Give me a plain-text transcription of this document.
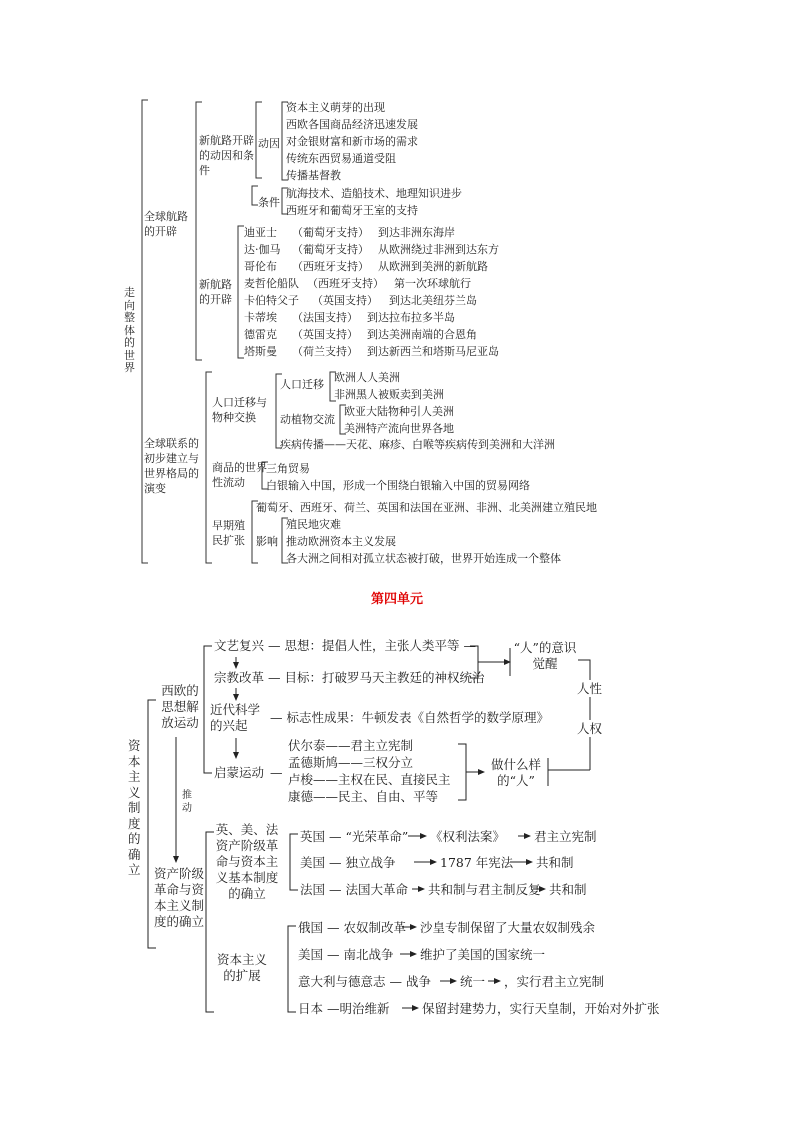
走向整体的世界
全球航路的开辟
新航路开辟的动因和条件
动因
资本主义萌芽的出现
西欧各国商品经济迅速发展
对金银财富和新市场的需求
传统东西贸易通道受阻
传播基督教
条件
航海技术、造船技术、地理知识进步
西班牙和葡萄牙王室的支持
新航路的开辟
迪亚士 （葡萄牙支持） 到达非洲东海岸
达·伽马 （葡萄牙支持） 从欧洲绕过非洲到达东方
哥伦布 （西班牙支持） 从欧洲到美洲的新航路
麦哲伦船队 （西班牙支持） 第一次环球航行
卡伯特父子 （英国支持） 到达北美纽芬兰岛
卡蒂埃 （法国支持） 到达拉布拉多半岛
德雷克 （英国支持） 到达美洲南端的合恩角
塔斯曼 （荷兰支持） 到达新西兰和塔斯马尼亚岛
全球联系的初步建立与世界格局的演变
人口迁移与物种交换
人口迁移
欧洲人人美洲
非洲黑人被贩卖到美洲
动植物交流
欧亚大陆物种引人美洲
美洲特产流向世界各地
疾病传播——天花、麻疹、白喉等疾病传到美洲和大洋洲
商品的世界性流动
三角贸易
白银输入中国，形成一个围绕白银输入中国的贸易网络
早期殖民扩张
葡萄牙、西班牙、荷兰、英国和法国在亚洲、非洲、北美洲建立殖民地
影响
殖民地灾难
推动欧洲资本主义发展
各大洲之间相对孤立状态被打破，世界开始连成一个整体
第四单元
资本主义制度的确立
推动
西欧的思想解放运动
文艺复兴 — 思想：提倡人性，主张人类平等 —
宗教改革 — 目标：打破罗马天主教廷的神权统治
近代科学的兴起
— 标志性成果：牛顿发表《自然哲学的数学原理》
启蒙运动 —
伏尔泰——君主立宪制
孟德斯鸠——三权分立
卢梭——主权在民、直接民主
康德——民主、自由、平等
“人”的意识觉醒
人性
人权
做什么样的“人”
资产阶级革命与资本主义制度的确立
英、美、法资产阶级革命与资本主义基本制度的确立
英国 — “光荣革命” 《权利法案》 君主立宪制
美国 — 独立战争	1787 年宪法 共和制
法国 — 法国大革命 共和制与君主制反复 共和制
资本主义的扩展
俄国 — 农奴制改革 沙皇专制保留了大量农奴制残余
美国 — 南北战争 维护了美国的国家统一
意大利与德意志 — 战争 统一 ，实行君主立宪制
日本 —明治维新	保留封建势力，实行天皇制，开始对外扩张
